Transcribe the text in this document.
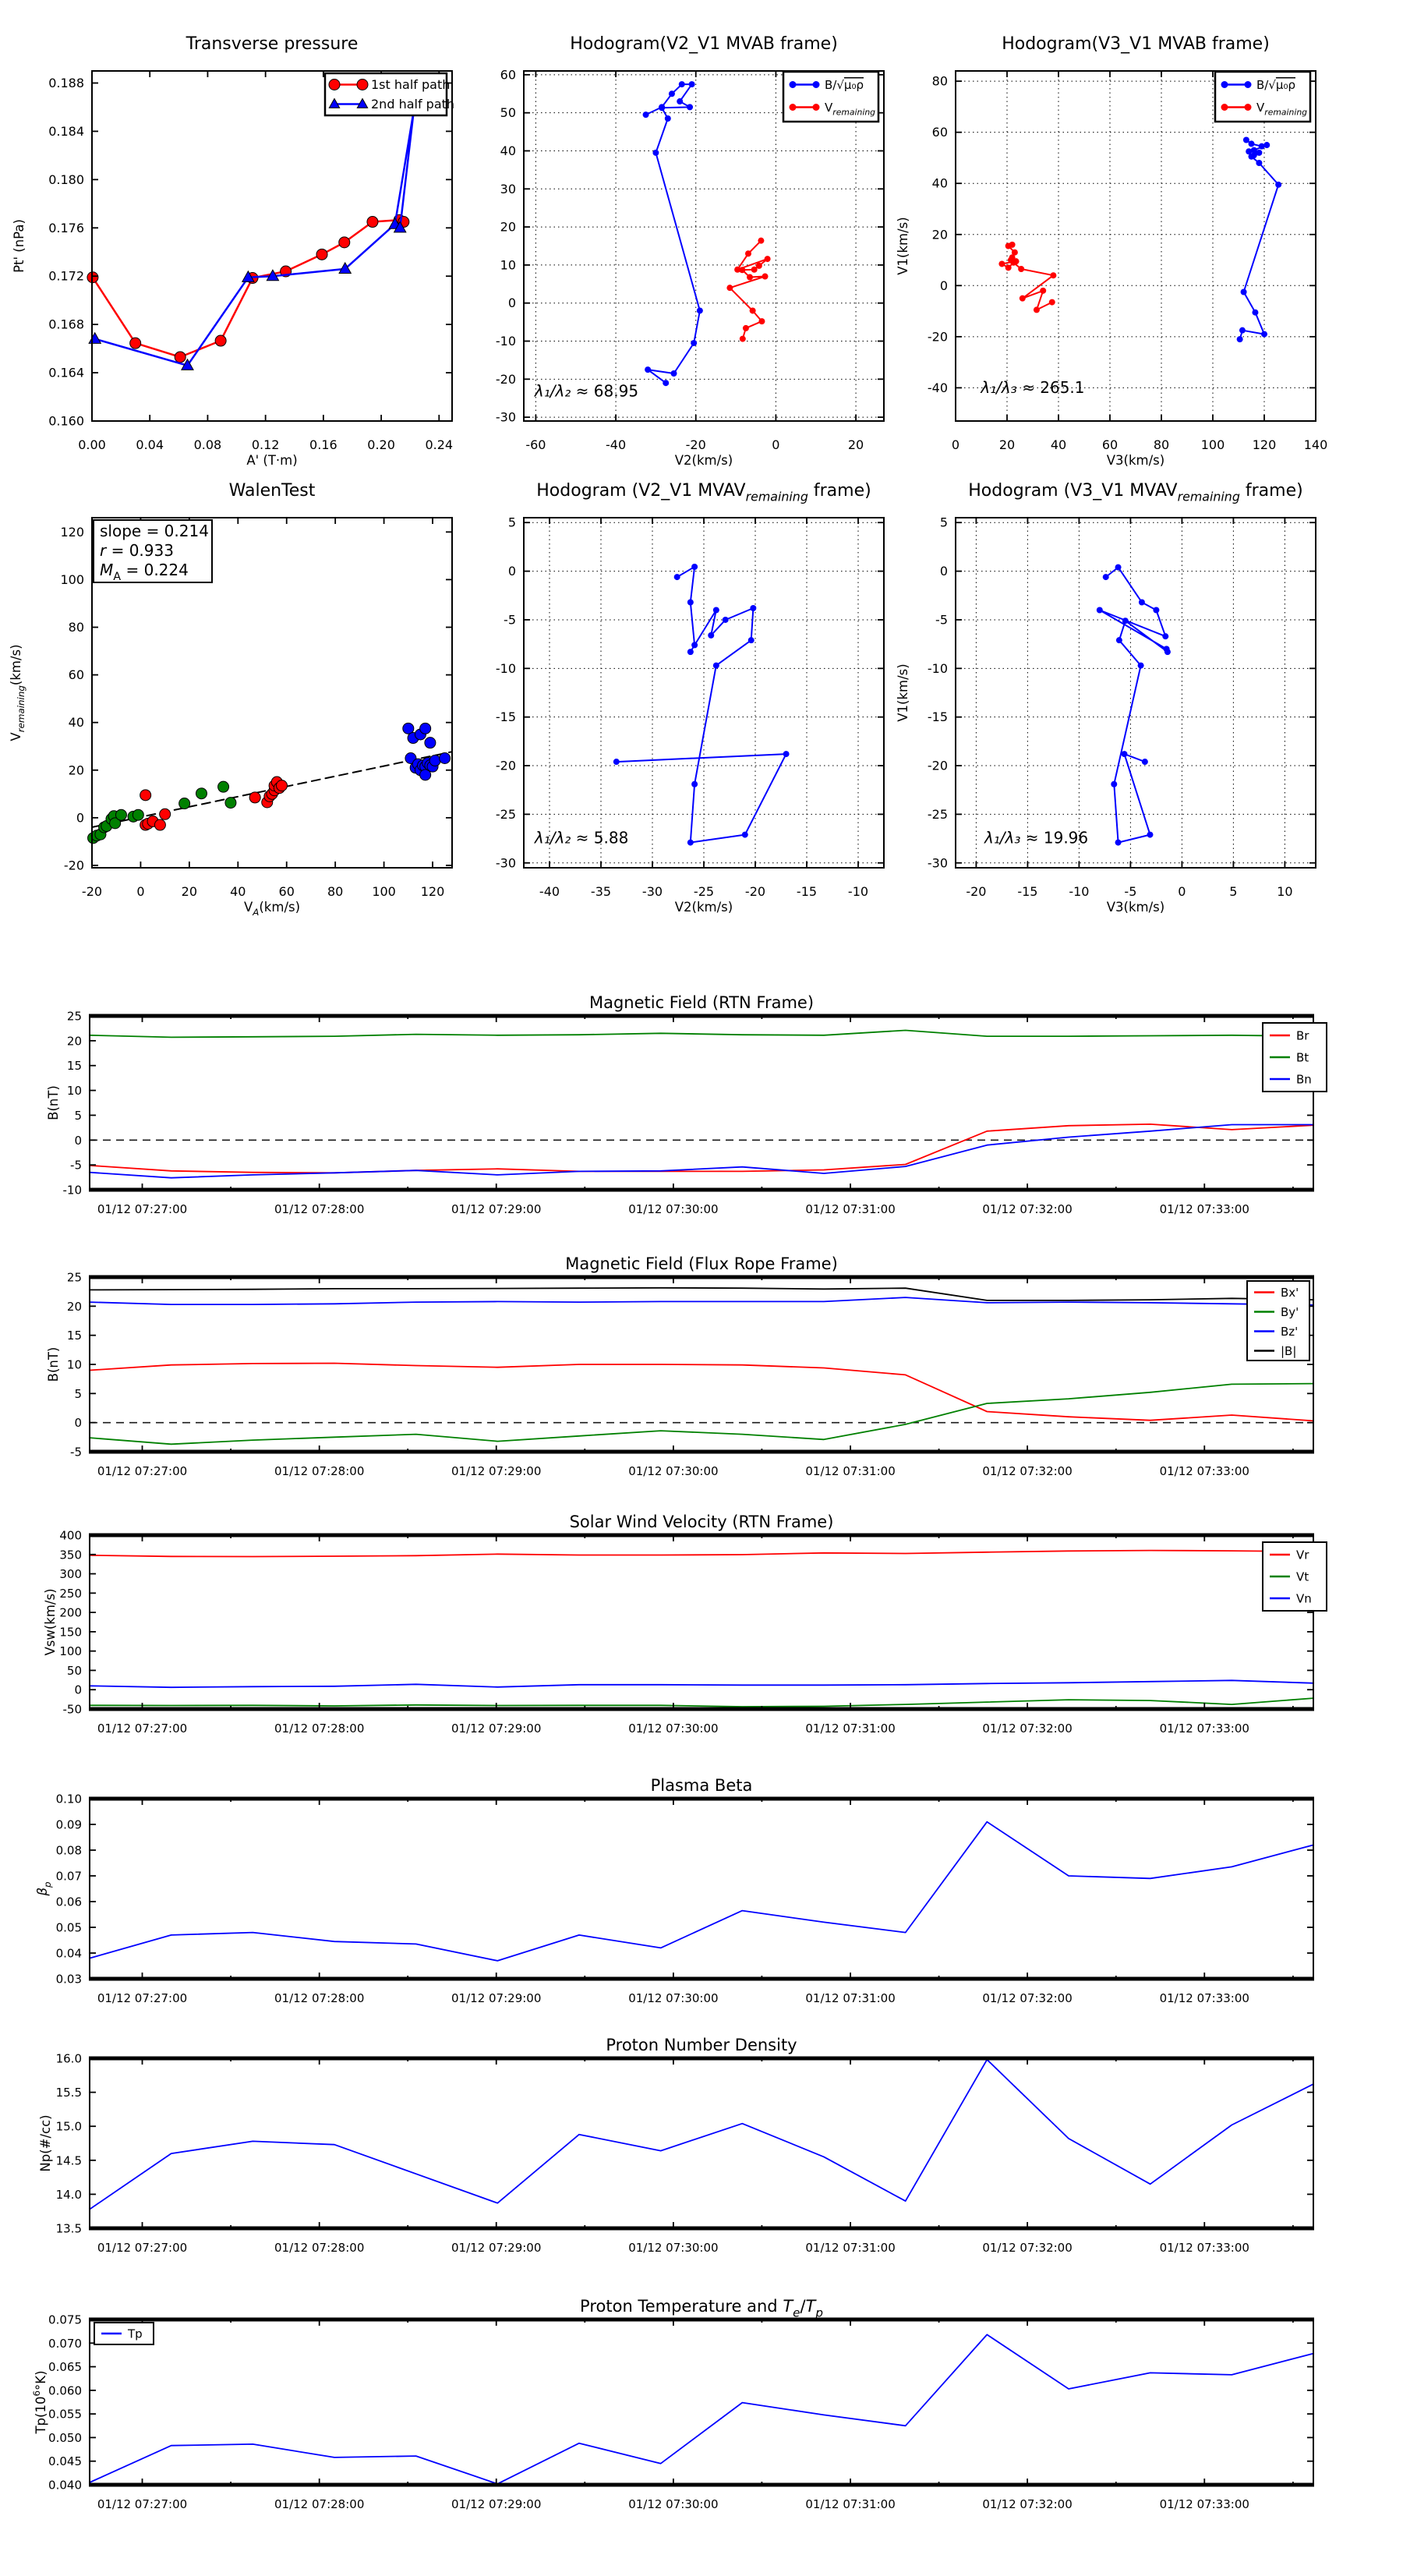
0.00 0.04 0.08 0.12 0.16 0.20 0.24
0.160
0.164
0.168
0.172
0.176
0.180
0.184
0.188
Transverse pressure
A' (T·m)
Pt' (nPa)
1st half path
2nd half path
-60	-40	-20	0	20
-30
-20
-10
0
10
20
30
40
50
60
Hodogram(V2_V1 MVAB frame)
V2(km/s)
λ₁/λ₂ ≈ 68.95
B/√μ₀ρ
$V_{remaining}$
0	20	40	60	80	100 120 140
-40
-20
0
20
40
60
80
Hodogram(V3_V1 MVAB frame)
V3(km/s)
V1(km/s)
λ₁/λ₃ ≈ 265.1
B/√μ₀ρ
$V_{remaining}$
-20	0	20	40	60	80 100 120
-20
0
20
40
60
80
100
120
WalenTest
$V_A(km/s)$
$V_{remaining}(km/s)$
slope = 0.214
r = 0.933
$M_A = 0.224$
-40 -35 -30 -25 -20 -15 -10
-30
-25
-20
-15
-10
-5
0
5
Hodogram (V2_V1 $MVAV_{remaining}$ frame)
V2(km/s)
λ₁/λ₂ ≈ 5.88
-20 -15 -10	-5	0	5	10
-30
-25
-20
-15
-10
-5
0
5
Hodogram (V3_V1 $MVAV_{remaining}$ frame)
V3(km/s)
V1(km/s)
λ₁/λ₃ ≈ 19.96
01/12 07:27:00	01/12 07:28:00	01/12 07:29:00	01/12 07:30:00	01/12 07:31:00	01/12 07:32:00	01/12 07:33:00
-10
-5
0
5
10
15
20
25
Magnetic Field (RTN Frame)
B(nT)
Br
Bt
Bn
01/12 07:27:00	01/12 07:28:00	01/12 07:29:00	01/12 07:30:00	01/12 07:31:00	01/12 07:32:00	01/12 07:33:00
-5
0
5
10
15
20
25
Magnetic Field (Flux Rope Frame)
B(nT)
Bx'
By'
Bz'
|B|
01/12 07:27:00	01/12 07:28:00	01/12 07:29:00	01/12 07:30:00	01/12 07:31:00	01/12 07:32:00	01/12 07:33:00
-50
0
50
100
150
200
250
300
350
400
Solar Wind Velocity (RTN Frame)
Vsw(km/s)
Vr
Vt
Vn
01/12 07:27:00	01/12 07:28:00	01/12 07:29:00	01/12 07:30:00	01/12 07:31:00	01/12 07:32:00	01/12 07:33:00
0.03
0.04
0.05
0.06
0.07
0.08
0.09
0.10
Plasma Beta
$\beta_p$
01/12 07:27:00	01/12 07:28:00	01/12 07:29:00	01/12 07:30:00	01/12 07:31:00	01/12 07:32:00	01/12 07:33:00
13.5
14.0
14.5
15.0
15.5
16.0
Proton Number Density
Np(#/cc)
01/12 07:27:00	01/12 07:28:00	01/12 07:29:00	01/12 07:30:00	01/12 07:31:00	01/12 07:32:00	01/12 07:33:00
0.040
0.045
0.050
0.055
0.060
0.065
0.070
0.075
Proton Temperature and $T_e/T_p$
$Tp(10^6^\circ K)$
Tp
